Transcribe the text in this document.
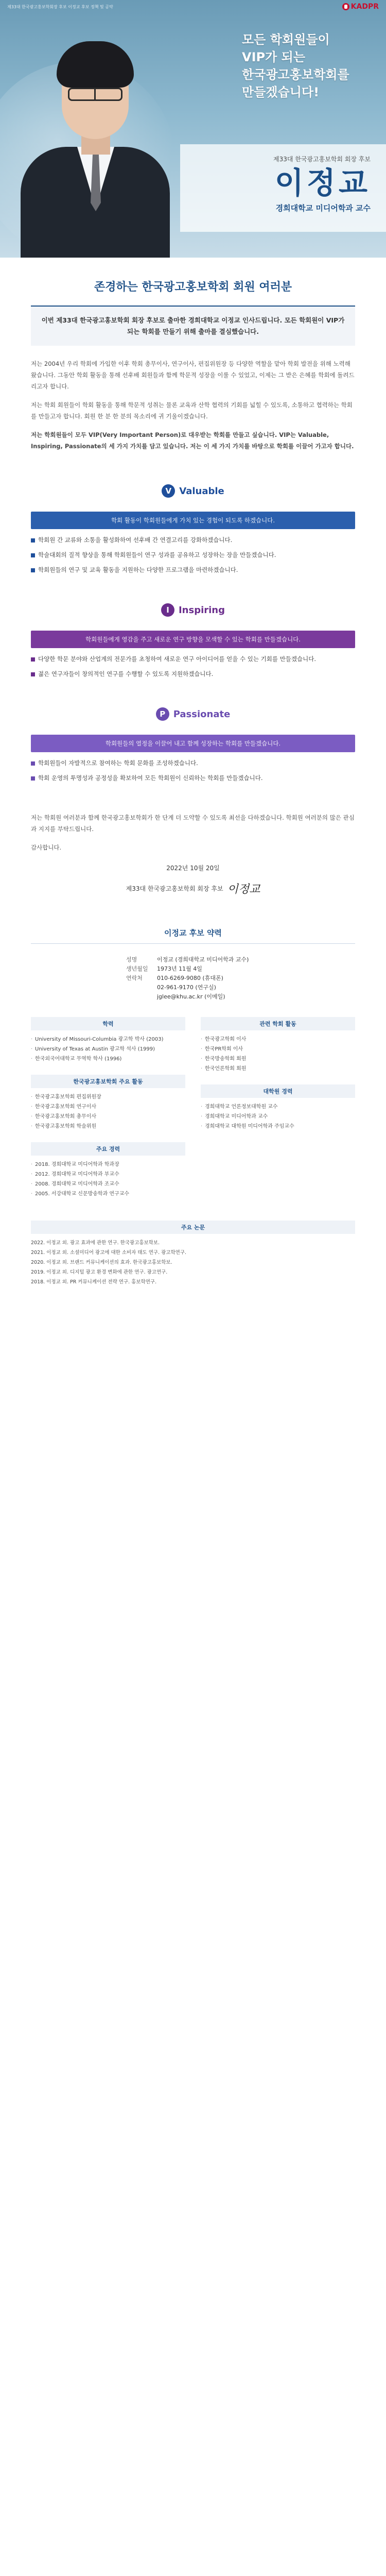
제33대 한국광고홍보학회장 후보 이정교 후보 정책 및 공약	KADPR
모든 학회원들이
VIP가 되는
한국광고홍보학회를
만들겠습니다!
제33대 한국광고홍보학회 회장 후보
이정교
경희대학교 미디어학과 교수
존경하는 한국광고홍보학회 회원 여러분

이번 제33대 한국광고홍보학회 회장 후보로 출마한 경희대학교 이정교 인사드립니다. 모든 학회원이 VIP가 되는 학회를 만들기 위해 출마를 결심했습니다.

저는 2004년 우리 학회에 가입한 이후 학회 총무이사, 연구이사, 편집위원장 등 다양한 역할을 맡아 학회 발전을 위해 노력해 왔습니다. 그동안 학회 활동을 통해 선후배 회원들과 함께 학문적 성장을 이룰 수 있었고, 이제는 그 받은 은혜를 학회에 돌려드리고자 합니다.

저는 학회 회원들이 학회 활동을 통해 학문적 성취는 물론 교육과 산학 협력의 기회를 넓힐 수 있도록, 소통하고 협력하는 학회를 만들고자 합니다. 회원 한 분 한 분의 목소리에 귀 기울이겠습니다.

저는 학회원들이 모두 VIP(Very Important Person)로 대우받는 학회를 만들고 싶습니다. VIP는 Valuable, Inspiring, Passionate의 세 가지 가치를 담고 있습니다. 저는 이 세 가지 가치를 바탕으로 학회를 이끌어 가고자 합니다.

V Valuable
학회 활동이 학회원들에게 가치 있는 경험이 되도록 하겠습니다.
학회원 간 교류와 소통을 활성화하여 선후배 간 연결고리를 강화하겠습니다.
학술대회의 질적 향상을 통해 학회원들이 연구 성과를 공유하고 성장하는 장을 만들겠습니다.
학회원들의 연구 및 교육 활동을 지원하는 다양한 프로그램을 마련하겠습니다.
I	Inspiring
학회원들에게 영감을 주고 새로운 연구 방향을 모색할 수 있는 학회를 만들겠습니다.
다양한 학문 분야와 산업계의 전문가를 초청하여 새로운 연구 아이디어를 얻을 수 있는 기회를 만들겠습니다.
젊은 연구자들이 창의적인 연구를 수행할 수 있도록 지원하겠습니다.
P Passionate
학회원들의 열정을 이끌어 내고 함께 성장하는 학회를 만들겠습니다.
학회원들이 자발적으로 참여하는 학회 문화를 조성하겠습니다.
학회 운영의 투명성과 공정성을 확보하여 모든 학회원이 신뢰하는 학회를 만들겠습니다.

저는 학회원 여러분과 함께 한국광고홍보학회가 한 단계 더 도약할 수 있도록 최선을 다하겠습니다. 학회원 여러분의 많은 관심과 지지를 부탁드립니다.

감사합니다.

2022년 10월 20일
제33대 한국광고홍보학회 회장 후보 이정교
이정교 후보 약력
성명	이정교 (경희대학교 미디어학과 교수)
생년월일	1973년 11월 4일
연락처	010-6269-9080 (휴대폰)
02-961-9170 (연구실)
jglee@khu.ac.kr (이메일)
학력
· University of Missouri-Columbia 광고학 박사 (2003)
· University of Texas at Austin 광고학 석사 (1999)
· 한국외국어대학교 무역학 학사 (1996)

한국광고홍보학회 주요 활동
· 한국광고홍보학회 편집위원장
· 한국광고홍보학회 연구이사
· 한국광고홍보학회 총무이사
· 한국광고홍보학회 학술위원

주요 경력
· 2018. 경희대학교 미디어학과 학과장
· 2012. 경희대학교 미디어학과 부교수
· 2008. 경희대학교 미디어학과 조교수
· 2005. 서강대학교 신문방송학과 연구교수
관련 학회 활동
· 한국광고학회 이사
· 한국PR학회 이사
· 한국방송학회 회원
· 한국언론학회 회원

대학원 경력
· 경희대학교 언론정보대학원 교수
· 경희대학교 미디어학과 교수
· 경희대학교 대학원 미디어학과 주임교수
주요 논문
2022. 이정교 외. 광고 효과에 관한 연구. 한국광고홍보학보.
2021. 이정교 외. 소셜미디어 광고에 대한 소비자 태도 연구. 광고학연구.
2020. 이정교 외. 브랜드 커뮤니케이션의 효과. 한국광고홍보학보.
2019. 이정교 외. 디지털 광고 환경 변화에 관한 연구. 광고연구.
2018. 이정교 외. PR 커뮤니케이션 전략 연구. 홍보학연구.
